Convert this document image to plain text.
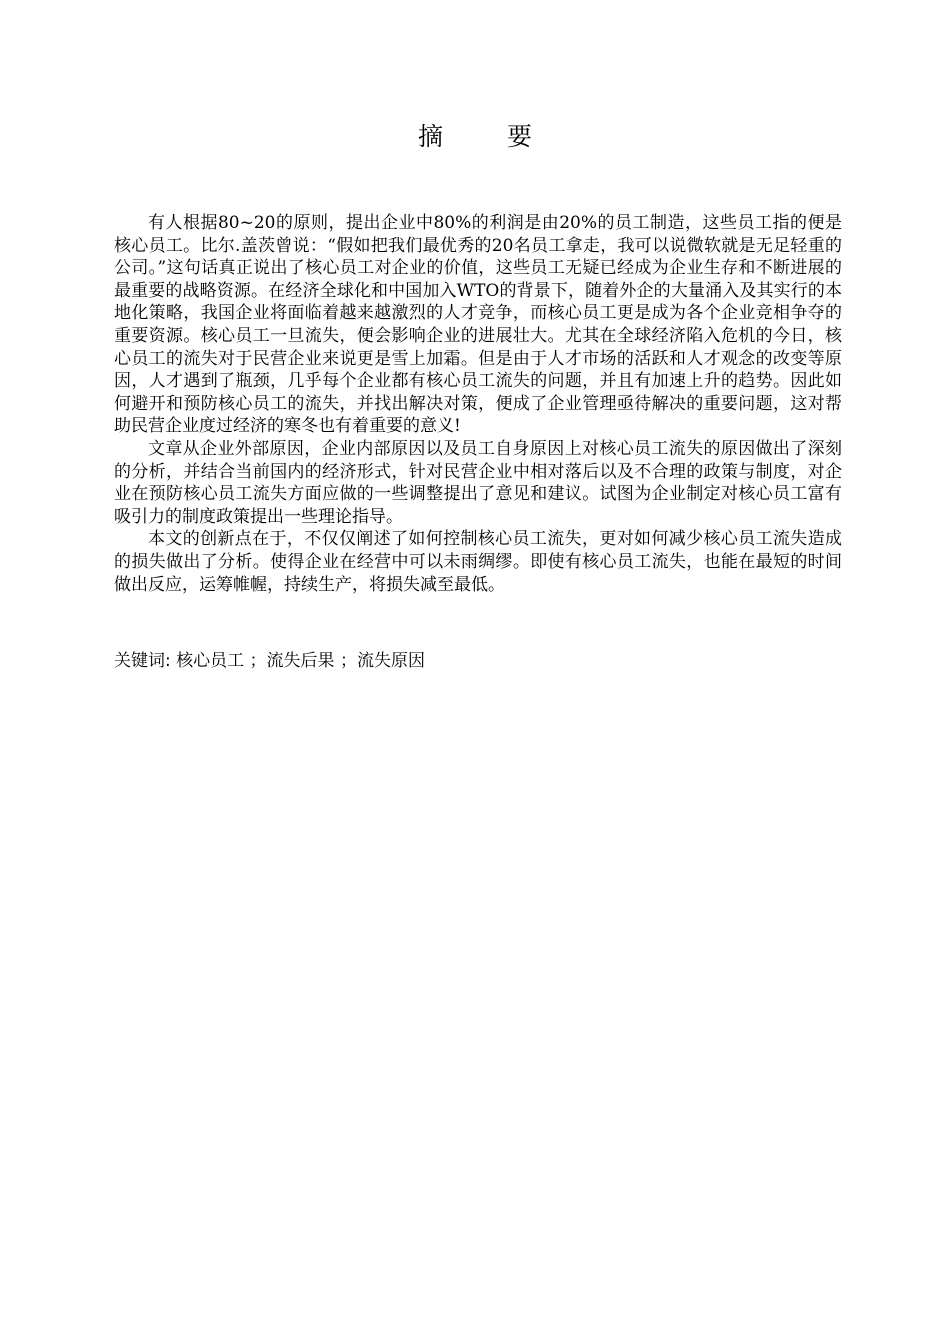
摘 要

有人根据80~20的原则，提出企业中80%的利润是由20%的员工制造，这些员工指的便是核心员工。比尔.盖茨曾说：“假如把我们最优秀的20名员工拿走，我可以说微软就是无足轻重的公司。”这句话真正说出了核心员工对企业的价值，这些员工无疑已经成为企业生存和不断进展的最重要的战略资源。在经济全球化和中国加入WTO的背景下，随着外企的大量涌入及其实行的本地化策略，我国企业将面临着越来越激烈的人才竞争，而核心员工更是成为各个企业竞相争夺的重要资源。核心员工一旦流失，便会影响企业的进展壮大。尤其在全球经济陷入危机的今日，核心员工的流失对于民营企业来说更是雪上加霜。但是由于人才市场的活跃和人才观念的改变等原因，人才遇到了瓶颈，几乎每个企业都有核心员工流失的问题，并且有加速上升的趋势。因此如何避开和预防核心员工的流失，并找出解决对策，便成了企业管理亟待解决的重要问题，这对帮助民营企业度过经济的寒冬也有着重要的意义!

文章从企业外部原因，企业内部原因以及员工自身原因上对核心员工流失的原因做出了深刻的分析，并结合当前国内的经济形式，针对民营企业中相对落后以及不合理的政策与制度，对企业在预防核心员工流失方面应做的一些调整提出了意见和建议。试图为企业制定对核心员工富有吸引力的制度政策提出一些理论指导。

本文的创新点在于，不仅仅阐述了如何控制核心员工流失，更对如何减少核心员工流失造成的损失做出了分析。使得企业在经营中可以未雨绸缪。即使有核心员工流失，也能在最短的时间做出反应，运筹帷幄，持续生产，将损失减至最低。

关键词: 核心员工 ；流失后果 ；流失原因
